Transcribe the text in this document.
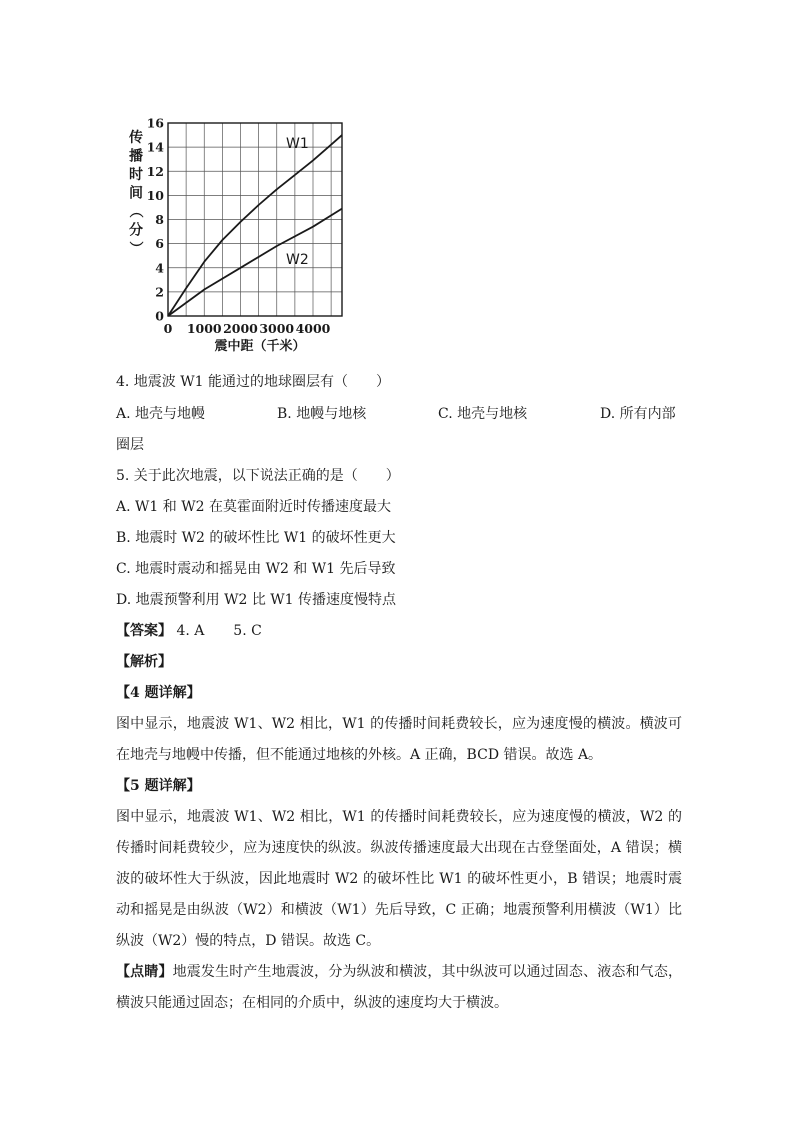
传
播
时
间
（
分
）
0
2
4
6
8
10
12
14
16
0 1000 2000 3000 4000
W1
W2
震中距（千米）
4. 地震波 W1 能通过的地球圈层有（　　）
A. 地壳与地幔	B. 地幔与地核	C. 地壳与地核	D. 所有内部
圈层
5. 关于此次地震，以下说法正确的是（　　）
A. W1 和 W2 在莫霍面附近时传播速度最大
B. 地震时 W2 的破坏性比 W1 的破坏性更大
C. 地震时震动和摇晃由 W2 和 W1 先后导致
D. 地震预警利用 W2 比 W1 传播速度慢特点
【答案】 4. A 5. C
【解析】
【4 题详解】

图中显示，地震波 W1、W2 相比，W1 的传播时间耗费较长，应为速度慢的横波。横波可在地壳与地幔中传播，但不能通过地核的外核。A 正确，BCD 错误。故选 A。

【5 题详解】

图中显示，地震波 W1、W2 相比，W1 的传播时间耗费较长，应为速度慢的横波，W2 的传播时间耗费较少，应为速度快的纵波。纵波传播速度最大出现在古登堡面处，A 错误；横波的破坏性大于纵波，因此地震时 W2 的破坏性比 W1 的破坏性更小，B 错误；地震时震动和摇晃是由纵波（W2）和横波（W1）先后导致，C 正确；地震预警利用横波（W1）比纵波（W2）慢的特点，D 错误。故选 C。

【点睛】地震发生时产生地震波，分为纵波和横波，其中纵波可以通过固态、液态和气态，横波只能通过固态；在相同的介质中，纵波的速度均大于横波。
